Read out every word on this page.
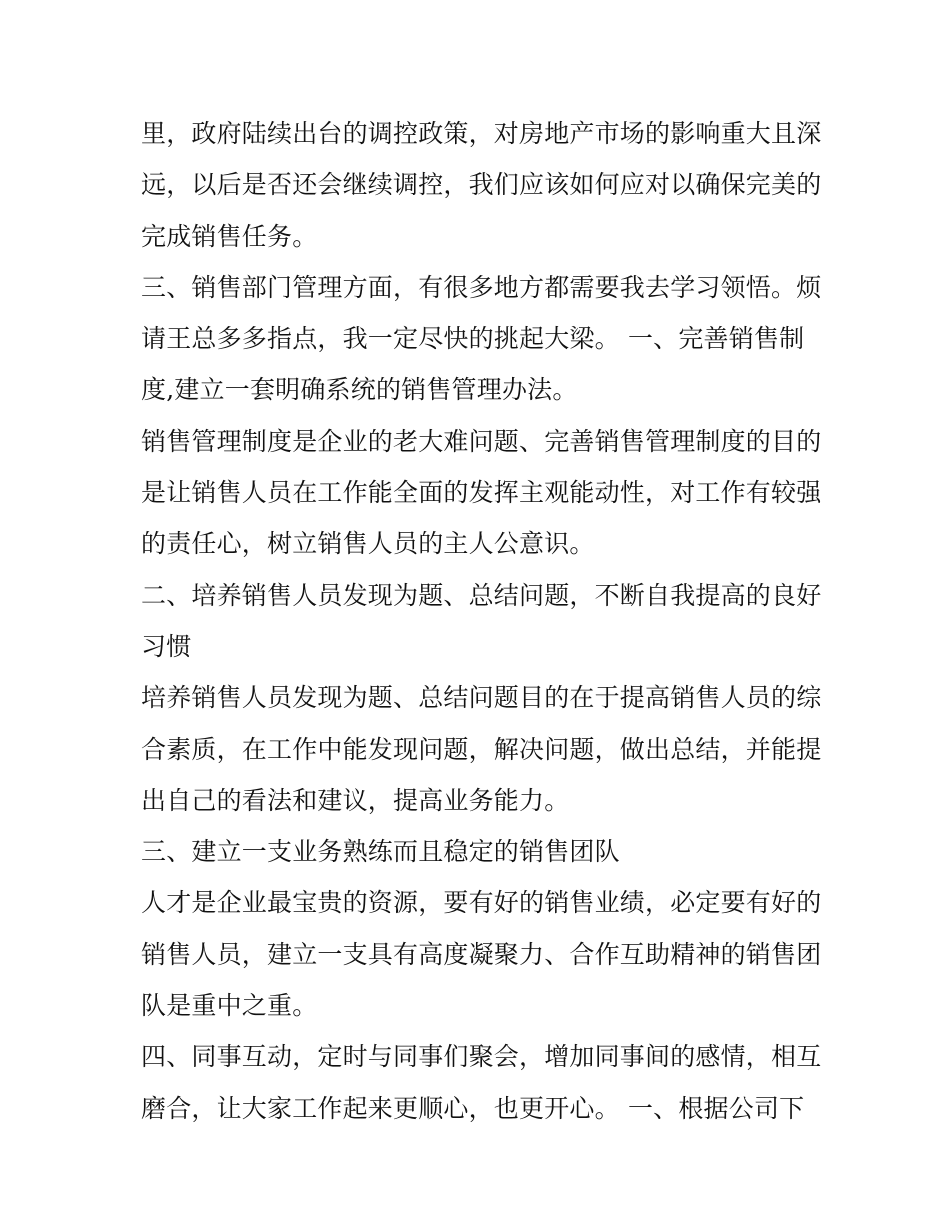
里，政府陆续出台的调控政策，对房地产市场的影响重大且深
远，以后是否还会继续调控，我们应该如何应对以确保完美的
完成销售任务。
三、销售部门管理方面，有很多地方都需要我去学习领悟。烦
请王总多多指点，我一定尽快的挑起大梁。 一、完善销售制
度,建立一套明确系统的销售管理办法。
销售管理制度是企业的老大难问题、完善销售管理制度的目的
是让销售人员在工作能全面的发挥主观能动性，对工作有较强
的责任心，树立销售人员的主人公意识。
二、培养销售人员发现为题、总结问题，不断自我提高的良好
习惯
培养销售人员发现为题、总结问题目的在于提高销售人员的综
合素质，在工作中能发现问题，解决问题，做出总结，并能提
出自己的看法和建议，提高业务能力。
三、建立一支业务熟练而且稳定的销售团队
人才是企业最宝贵的资源，要有好的销售业绩，必定要有好的
销售人员，建立一支具有高度凝聚力、合作互助精神的销售团
队是重中之重。
四、同事互动，定时与同事们聚会，增加同事间的感情，相互
磨合，让大家工作起来更顺心，也更开心。 一、根据公司下
